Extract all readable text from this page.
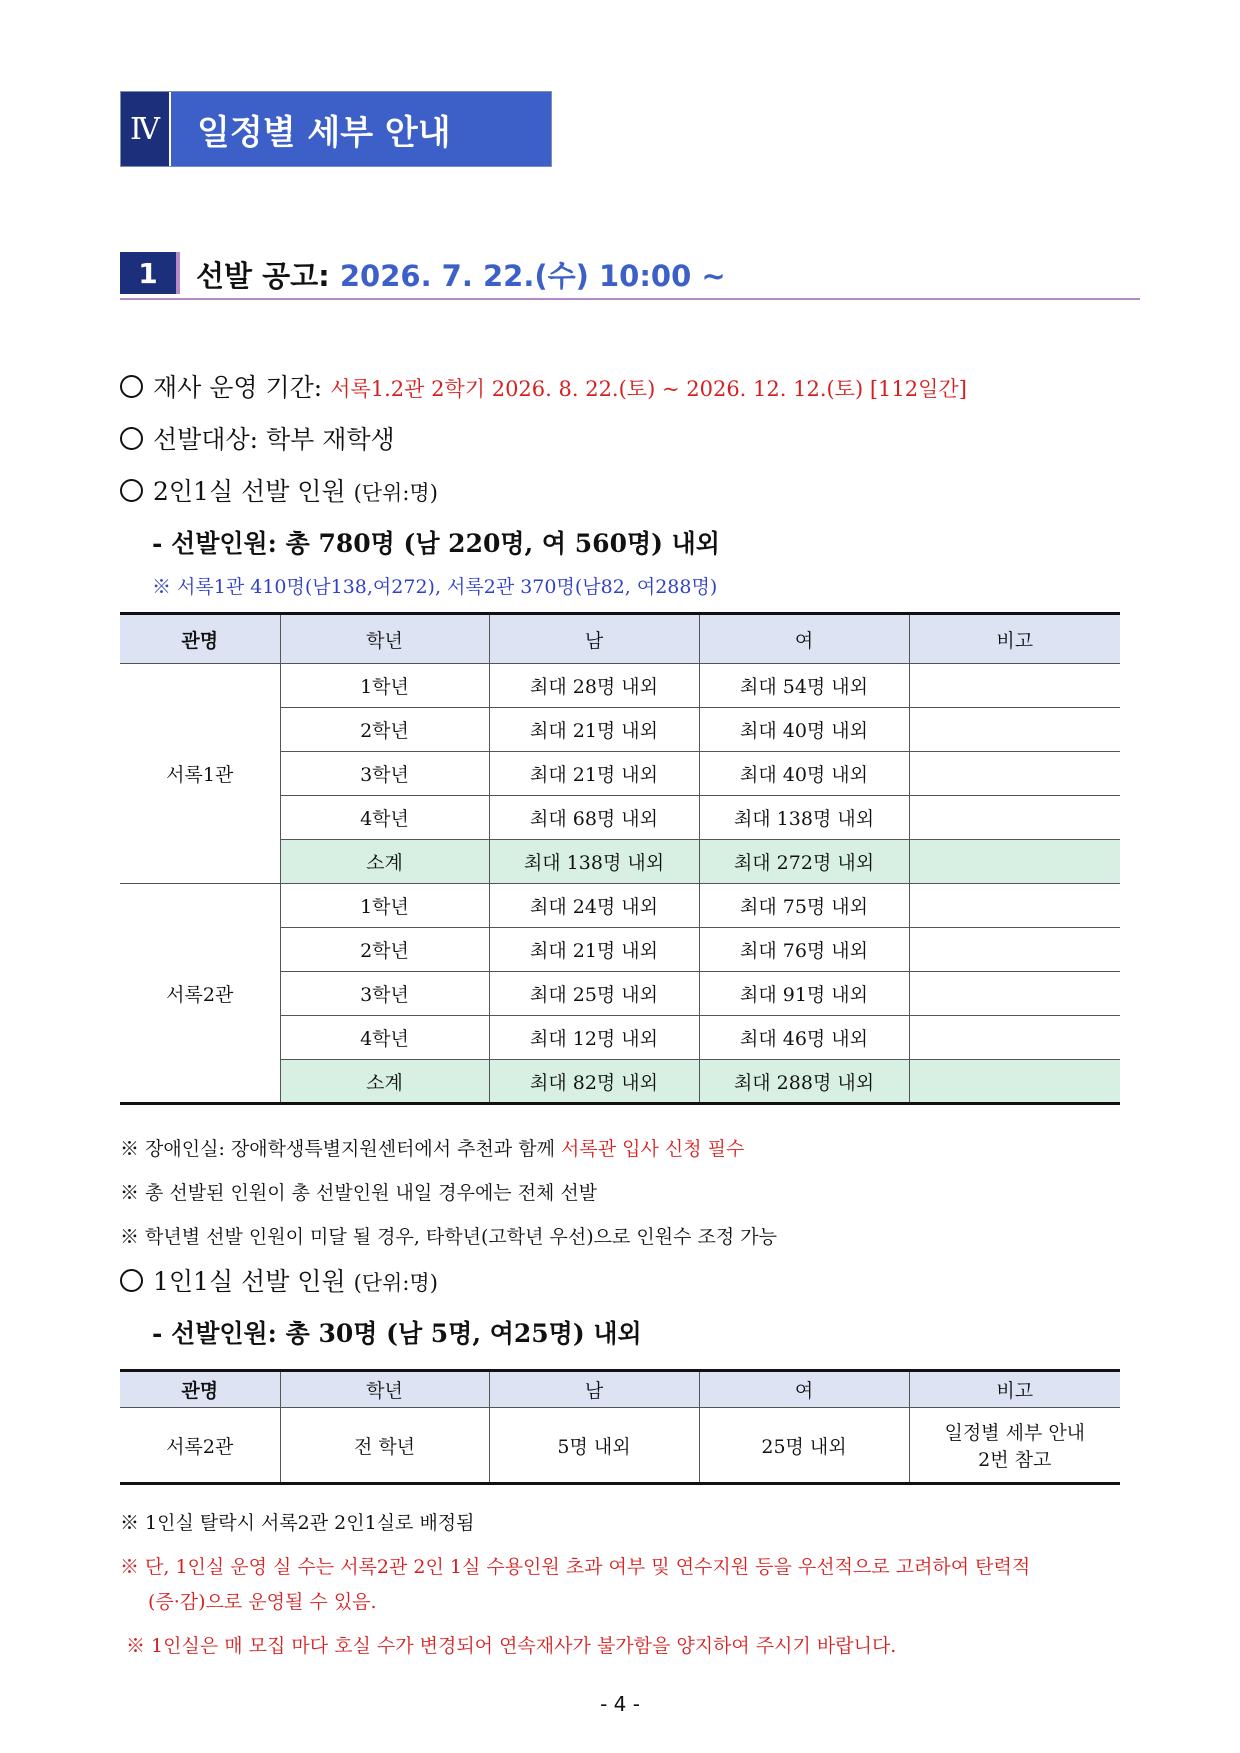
Ⅳ	일정별 세부 안내
1	선발 공고: 2026. 7. 22.(수) 10:00 ~
재사 운영 기간: 서록1.2관 2학기 2026. 8. 22.(토) ~ 2026. 12. 12.(토) [112일간]
선발대상: 학부 재학생
2인1실 선발 인원 (단위:명)
- 선발인원: 총 780명 (남 220명, 여 560명) 내외
※ 서록1관 410명(남138,여272), 서록2관 370명(남82, 여288명)
관명	학년	남	여	비고
서록1관	1학년	최대 28명 내외	최대 54명 내외	
	2학년	최대 21명 내외	최대 40명 내외	
	3학년	최대 21명 내외	최대 40명 내외	
	4학년	최대 68명 내외	최대 138명 내외	
	소계	최대 138명 내외	최대 272명 내외	
서록2관	1학년	최대 24명 내외	최대 75명 내외	
	2학년	최대 21명 내외	최대 76명 내외	
	3학년	최대 25명 내외	최대 91명 내외	
	4학년	최대 12명 내외	최대 46명 내외	
	소계	최대 82명 내외	최대 288명 내외	
※ 장애인실: 장애학생특별지원센터에서 추천과 함께 서록관 입사 신청 필수
※ 총 선발된 인원이 총 선발인원 내일 경우에는 전체 선발
※ 학년별 선발 인원이 미달 될 경우, 타학년(고학년 우선)으로 인원수 조정 가능
1인1실 선발 인원 (단위:명)
- 선발인원: 총 30명 (남 5명, 여25명) 내외
관명	학년	남	여	비고
서록2관	전 학년	5명 내외	25명 내외	일정별 세부 안내
2번 참고
※ 1인실 탈락시 서록2관 2인1실로 배정됨
※ 단, 1인실 운영 실 수는 서록2관 2인 1실 수용인원 초과 여부 및 연수지원 등을 우선적으로 고려하여 탄력적
(증·감)으로 운영될 수 있음.
※ 1인실은 매 모집 마다 호실 수가 변경되어 연속재사가 불가함을 양지하여 주시기 바랍니다.
- 4 -
